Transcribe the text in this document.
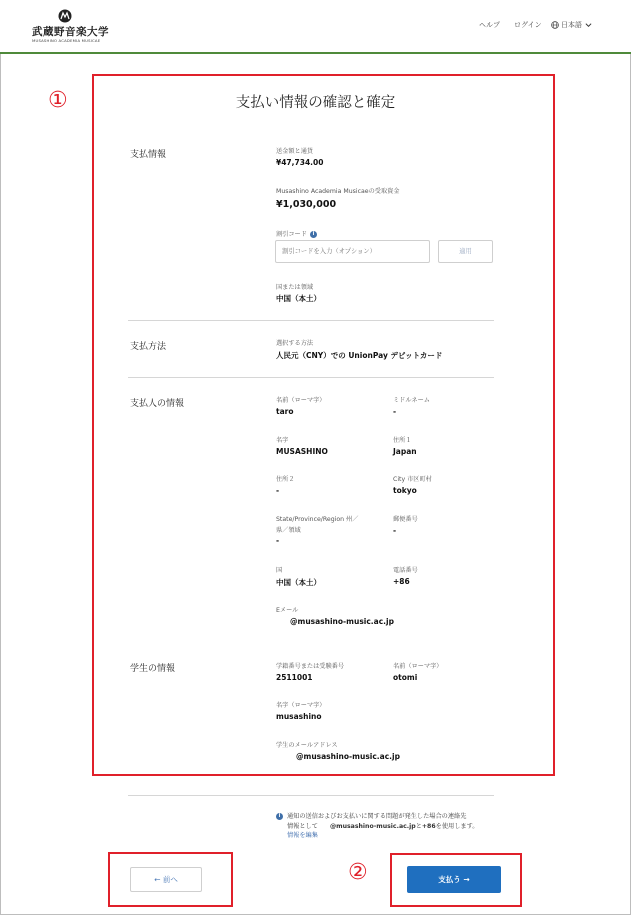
武蔵野音楽大学
MUSASHINO ACADEMIA MUSICAE
ヘルプ ログイン	日本語
①	支払い情報の確認と確定
支払情報	送金額と通貨
¥47,734.00
Musashino Academia Musicaeの受取資金
¥1,030,000
割引コード i
割引コードを入力（オプション）
適用
国または領域
中国（本土）
支払方法	選択する方法
人民元（CNY）での UnionPay デビットカード
支払人の情報	名前（ローマ字）
taro
ミドルネーム
-
名字
MUSASHINO
住所１
Japan
住所２
-
City 市区町村
tokyo
State/Province/Region 州／
県／領域
-
郵便番号
-
国
中国（本土）
電話番号
+86
Eメール
@musashino-music.ac.jp
学生の情報	学籍番号または受験番号
2511001
名前（ローマ字）
otomi
名字（ローマ字）
musashino
学生のメールアドレス
@musashino-music.ac.jp
i	通知の送信およびお支払いに関する問題が発生した場合の連絡先
情報として @musashino-music.ac.jpと+86を使用します。
情報を編集
← 前へ	②	支払う →
